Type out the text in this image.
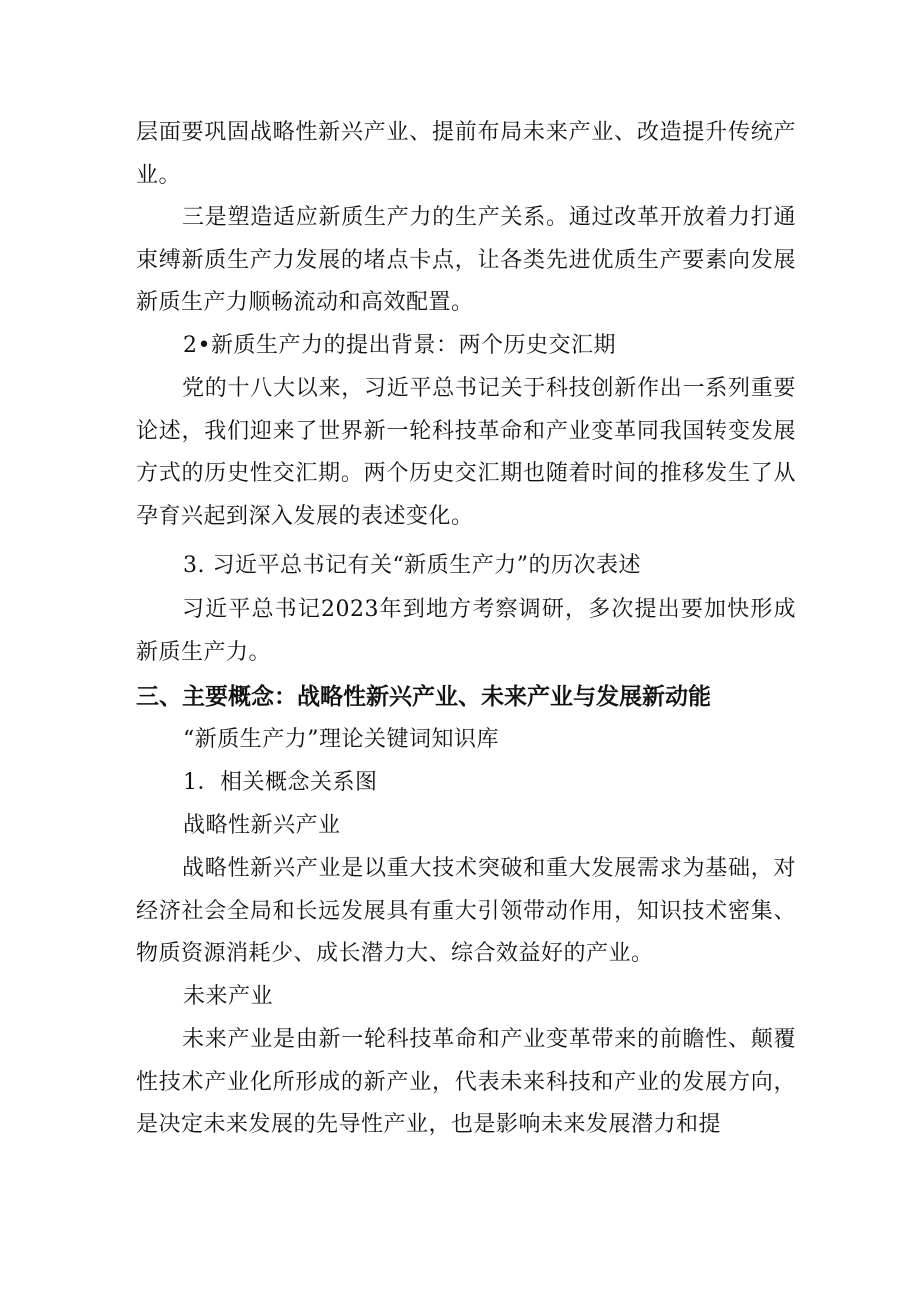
层面要巩固战略性新兴产业、提前布局未来产业、改造提升传统产业。

三是塑造适应新质生产力的生产关系。通过改革开放着力打通束缚新质生产力发展的堵点卡点，让各类先进优质生产要素向发展新质生产力顺畅流动和高效配置。

2•新质生产力的提出背景：两个历史交汇期

党的十八大以来，习近平总书记关于科技创新作出一系列重要论述，我们迎来了世界新一轮科技革命和产业变革同我国转变发展方式的历史性交汇期。两个历史交汇期也随着时间的推移发生了从孕育兴起到深入发展的表述变化。

3. 习近平总书记有关“新质生产力”的历次表述

习近平总书记2023年到地方考察调研，多次提出要加快形成新质生产力。

三、主要概念：战略性新兴产业、未来产业与发展新动能

“新质生产力”理论关键词知识库

1．相关概念关系图

战略性新兴产业

战略性新兴产业是以重大技术突破和重大发展需求为基础，对经济社会全局和长远发展具有重大引领带动作用，知识技术密集、物质资源消耗少、成长潜力大、综合效益好的产业。

未来产业

未来产业是由新一轮科技革命和产业变革带来的前瞻性、颠覆性技术产业化所形成的新产业，代表未来科技和产业的发展方向，是决定未来发展的先导性产业，也是影响未来发展潜力和提
